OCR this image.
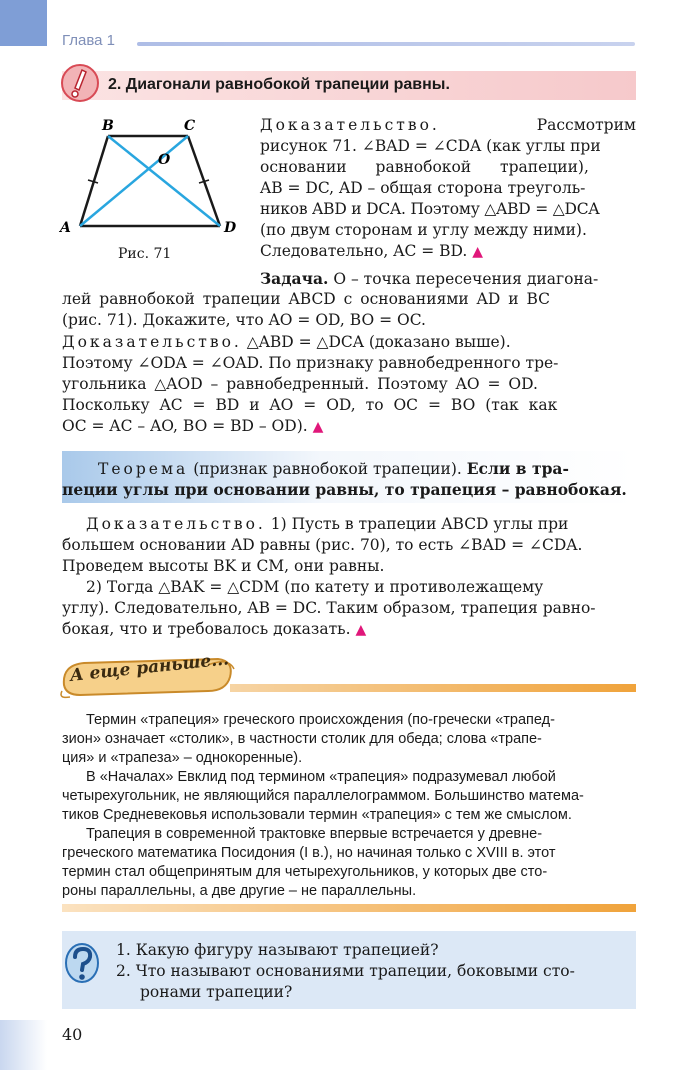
Глава 1
2. Диагонали равнобокой трапеции равны.
B	C
O
A	D
Рис. 71
Доказательство.	Рассмотрим
рисунок 71. ∠BAD = ∠CDA (как углы при
основании равнобокой трапеции),
AB = DC, AD – общая сторона треуголь-
ников ABD и DCA. Поэтому △ABD = △DCA
(по двум сторонам и углу между ними).
Следовательно, AC = BD. ▲
Задача. O – точка пересечения диагона-
лей равнобокой трапеции ABCD с основаниями AD и BC
(рис. 71). Докажите, что AO = OD, BO = OC.
Доказательство. △ABD = △DCA (доказано выше).
Поэтому ∠ODA = ∠OAD. По признаку равнобедренного тре-
угольника △AOD – равнобедренный. Поэтому AO = OD.
Поскольку AC = BD и AO = OD, то OC = BO (так как
OC = AC – AO, BO = BD – OD). ▲
Теорема (признак равнобокой трапеции). Если в тра-
пеции углы при основании равны, то трапеция – равнобокая.
Доказательство. 1) Пусть в трапеции ABCD углы при
большем основании AD равны (рис. 70), то есть ∠BAD = ∠CDA.
Проведем высоты BK и CM, они равны.
2) Тогда △BAK = △CDM (по катету и противолежащему
углу). Следовательно, AB = DC. Таким образом, трапеция равно-
бокая, что и требовалось доказать. ▲
А еще раньше...
Термин «трапеция» греческого происхождения (по-гречески «трапед-
зион» означает «столик», в частности столик для обеда; слова «трапе-
ция» и «трапеза» – однокоренные).
В «Началах» Евклид под термином «трапеция» подразумевал любой
четырехугольник, не являющийся параллелограммом. Большинство матема-
тиков Средневековья использовали термин «трапеция» с тем же смыслом.
Трапеция в современной трактовке впервые встречается у древне-
греческого математика Посидония (I в.), но начиная только с XVIII в. этот
термин стал общепринятым для четырехугольников, у которых две сто-
роны параллельны, а две другие – не параллельны.
1. Какую фигуру называют трапецией?
2. Что называют основаниями трапеции, боковыми сто-
ронами трапеции?
40
